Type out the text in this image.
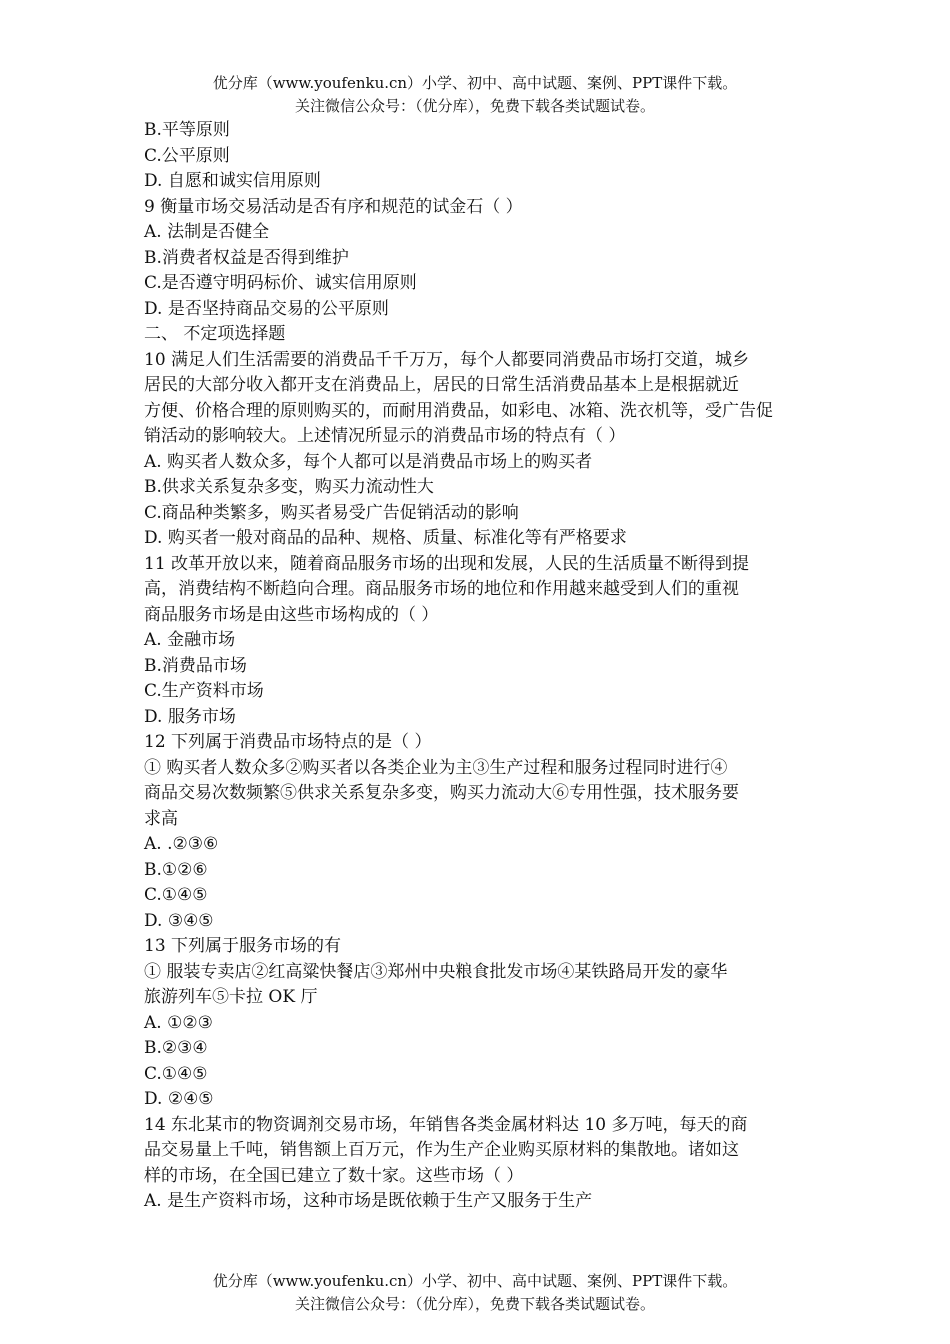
优分库（www.youfenku.cn）小学、初中、高中试题、案例、PPT课件下载。
关注微信公众号：（优分库），免费下载各类试题试卷。
B.平等原则
C.公平原则
D. 自愿和诚实信用原则
9 衡量市场交易活动是否有序和规范的试金石（ ）
A. 法制是否健全
B.消费者权益是否得到维护
C.是否遵守明码标价、诚实信用原则
D. 是否坚持商品交易的公平原则
二、 不定项选择题
10 满足人们生活需要的消费品千千万万，每个人都要同消费品市场打交道，城乡
居民的大部分收入都开支在消费品上，居民的日常生活消费品基本上是根据就近
方便、价格合理的原则购买的，而耐用消费品，如彩电、冰箱、洗衣机等，受广告促
销活动的影响较大。上述情况所显示的消费品市场的特点有（ ）
A. 购买者人数众多，每个人都可以是消费品市场上的购买者
B.供求关系复杂多变，购买力流动性大
C.商品种类繁多，购买者易受广告促销活动的影响
D. 购买者一般对商品的品种、规格、质量、标准化等有严格要求
11 改革开放以来，随着商品服务市场的出现和发展，人民的生活质量不断得到提
高，消费结构不断趋向合理。商品服务市场的地位和作用越来越受到人们的重视
商品服务市场是由这些市场构成的（ ）
A. 金融市场
B.消费品市场
C.生产资料市场
D. 服务市场
12 下列属于消费品市场特点的是（ ）
① 购买者人数众多②购买者以各类企业为主③生产过程和服务过程同时进行④
商品交易次数频繁⑤供求关系复杂多变，购买力流动大⑥专用性强，技术服务要
求高
A. .②③⑥
B.①②⑥
C.①④⑤
D. ③④⑤
13 下列属于服务市场的有
① 服装专卖店②红高粱快餐店③郑州中央粮食批发市场④某铁路局开发的豪华
旅游列车⑤卡拉 OK 厅
A. ①②③
B.②③④
C.①④⑤
D. ②④⑤
14 东北某市的物资调剂交易市场，年销售各类金属材料达 10 多万吨，每天的商
品交易量上千吨，销售额上百万元，作为生产企业购买原材料的集散地。诸如这
样的市场，在全国已建立了数十家。这些市场（ ）
A. 是生产资料市场，这种市场是既依赖于生产又服务于生产
优分库（www.youfenku.cn）小学、初中、高中试题、案例、PPT课件下载。
关注微信公众号：（优分库），免费下载各类试题试卷。
